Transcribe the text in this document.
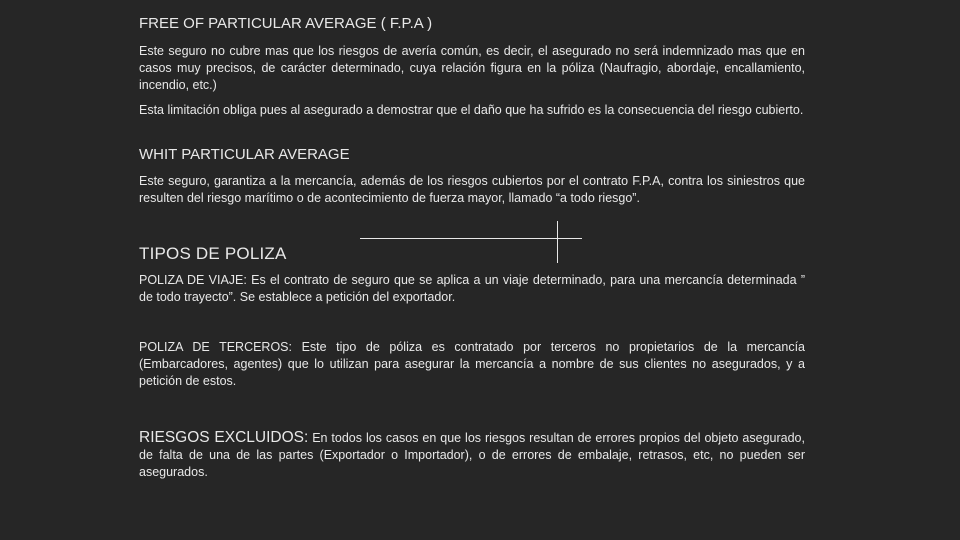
FREE OF PARTICULAR AVERAGE ( F.P.A )

Este seguro no cubre mas que los riesgos de avería común, es decir, el asegurado no será indemnizado mas que en casos muy precisos, de carácter determinado, cuya relación figura en la póliza (Naufragio, abordaje, encallamiento, incendio, etc.)

Esta limitación obliga pues al asegurado a demostrar que el daño que ha sufrido es la consecuencia del riesgo cubierto.

WHIT PARTICULAR AVERAGE

Este seguro, garantiza a la mercancía, además de los riesgos cubiertos por el contrato F.P.A, contra los siniestros que resulten del riesgo marítimo o de acontecimiento de fuerza mayor, llamado “a todo riesgo”.

TIPOS DE POLIZA

POLIZA DE VIAJE: Es el contrato de seguro que se aplica a un viaje determinado, para una mercancía determinada ” de todo trayecto”. Se establece a petición del exportador.

POLIZA DE TERCEROS: Este tipo de póliza es contratado por terceros no propietarios de la mercancía (Embarcadores, agentes) que lo utilizan para asegurar la mercancía a nombre de sus clientes no asegurados, y a petición de estos.

RIESGOS EXCLUIDOS: En todos los casos en que los riesgos resultan de errores propios del objeto asegurado, de falta de una de las partes (Exportador o Importador), o de errores de embalaje, retrasos, etc, no pueden ser asegurados.
